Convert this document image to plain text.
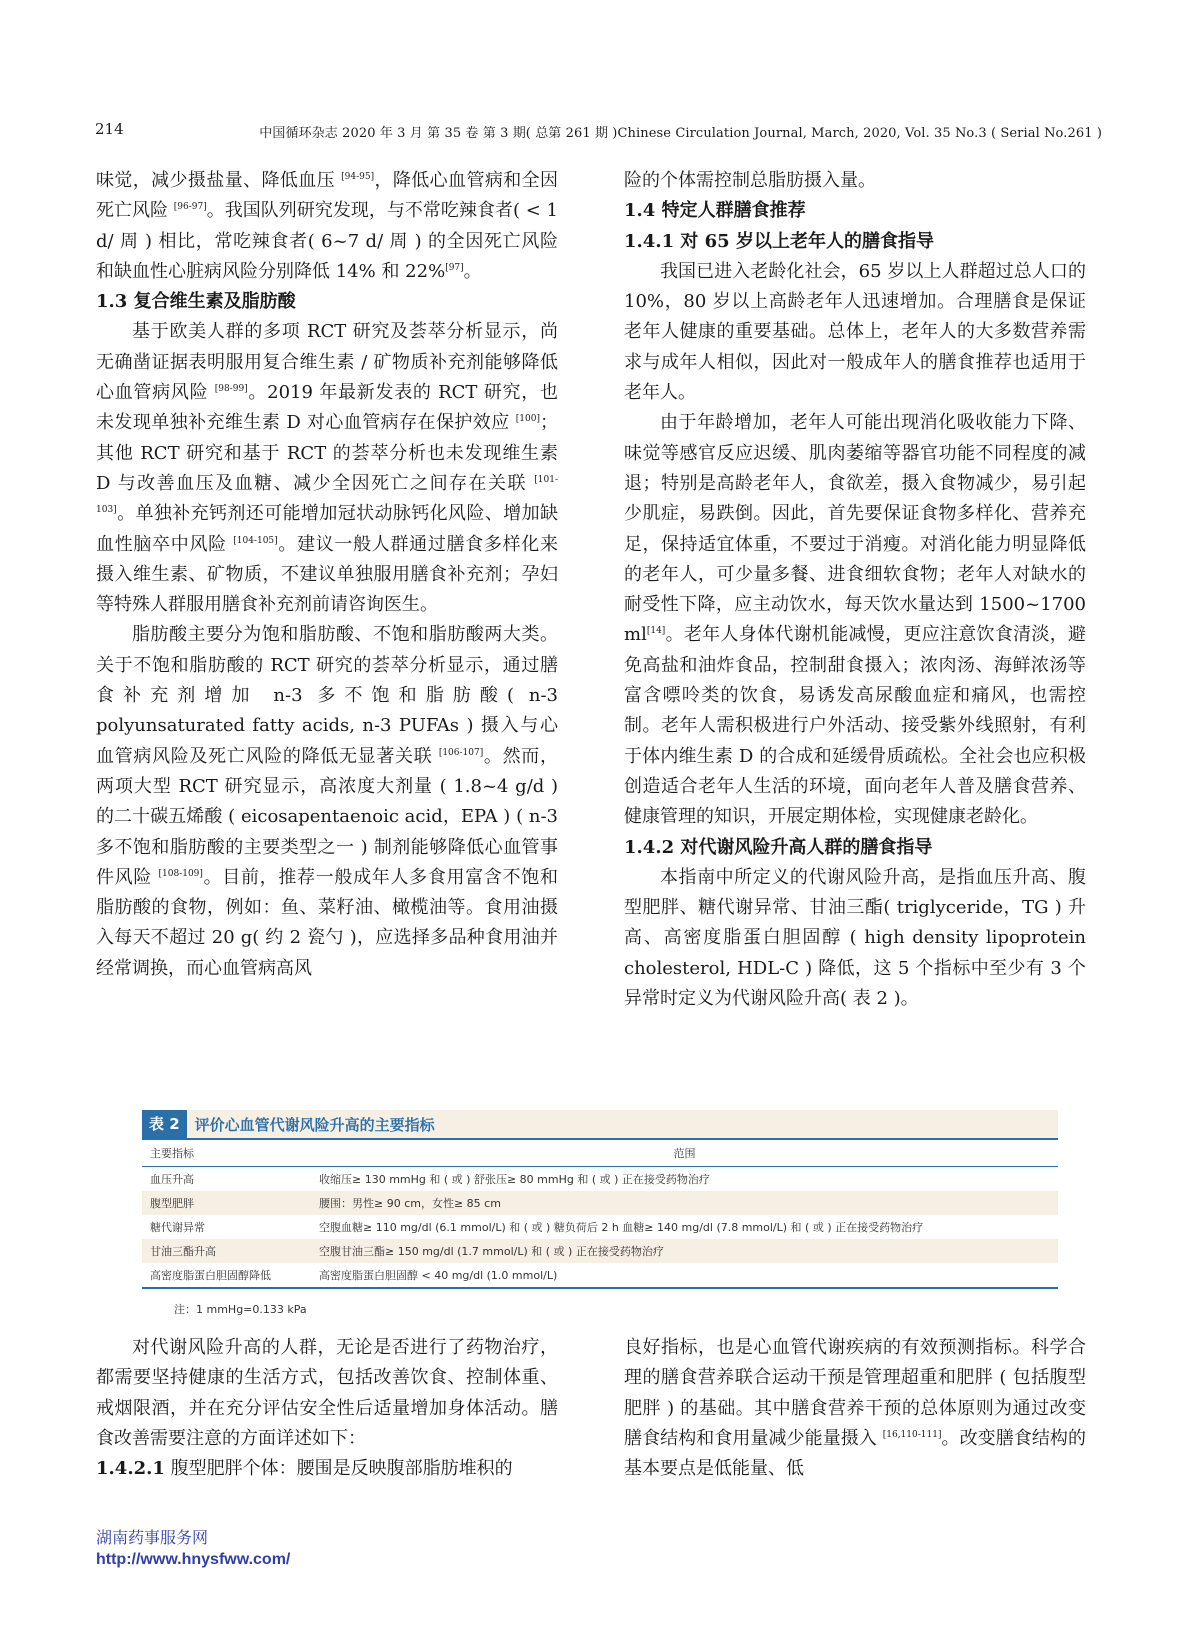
214	中国循环杂志 2020 年 3 月 第 35 卷 第 3 期( 总第 261 期 )Chinese Circulation Journal, March, 2020, Vol. 35 No.3 ( Serial No.261 )

味觉，减少摄盐量、降低血压 [94-95]，降低心血管病和全因死亡风险 [96-97]。我国队列研究发现，与不常吃辣食者( < 1 d/ 周 ) 相比，常吃辣食者( 6~7 d/ 周 ) 的全因死亡风险和缺血性心脏病风险分别降低 14% 和 22%[97]。

1.3 复合维生素及脂肪酸

基于欧美人群的多项 RCT 研究及荟萃分析显示，尚无确凿证据表明服用复合维生素 / 矿物质补充剂能够降低心血管病风险 [98-99]。2019 年最新发表的 RCT 研究，也未发现单独补充维生素 D 对心血管病存在保护效应 [100]；其他 RCT 研究和基于 RCT 的荟萃分析也未发现维生素 D 与改善血压及血糖、减少全因死亡之间存在关联 [101-103]。单独补充钙剂还可能增加冠状动脉钙化风险、增加缺血性脑卒中风险 [104-105]。建议一般人群通过膳食多样化来摄入维生素、矿物质，不建议单独服用膳食补充剂；孕妇等特殊人群服用膳食补充剂前请咨询医生。

脂肪酸主要分为饱和脂肪酸、不饱和脂肪酸两大类。关于不饱和脂肪酸的 RCT 研究的荟萃分析显示，通过膳食补充剂增加 n-3 多不饱和脂肪酸( n-3 polyunsaturated fatty acids, n-3 PUFAs ) 摄入与心血管病风险及死亡风险的降低无显著关联 [106-107]。然而，两项大型 RCT 研究显示，高浓度大剂量 ( 1.8~4 g/d ) 的二十碳五烯酸 ( eicosapentaenoic acid，EPA ) ( n-3 多不饱和脂肪酸的主要类型之一 ) 制剂能够降低心血管事件风险 [108-109]。目前，推荐一般成年人多食用富含不饱和脂肪酸的食物，例如：鱼、菜籽油、橄榄油等。食用油摄入每天不超过 20 g( 约 2 瓷勺 )，应选择多品种食用油并经常调换，而心血管病高风

险的个体需控制总脂肪摄入量。

1.4 特定人群膳食推荐
1.4.1 对 65 岁以上老年人的膳食指导

我国已进入老龄化社会，65 岁以上人群超过总人口的 10%，80 岁以上高龄老年人迅速增加。合理膳食是保证老年人健康的重要基础。总体上，老年人的大多数营养需求与成年人相似，因此对一般成年人的膳食推荐也适用于老年人。

由于年龄增加，老年人可能出现消化吸收能力下降、味觉等感官反应迟缓、肌肉萎缩等器官功能不同程度的减退；特别是高龄老年人，食欲差，摄入食物减少，易引起少肌症，易跌倒。因此，首先要保证食物多样化、营养充足，保持适宜体重，不要过于消瘦。对消化能力明显降低的老年人，可少量多餐、进食细软食物；老年人对缺水的耐受性下降，应主动饮水，每天饮水量达到 1500~1700 ml[14]。老年人身体代谢机能减慢，更应注意饮食清淡，避免高盐和油炸食品，控制甜食摄入；浓肉汤、海鲜浓汤等富含嘌呤类的饮食，易诱发高尿酸血症和痛风，也需控制。老年人需积极进行户外活动、接受紫外线照射，有利于体内维生素 D 的合成和延缓骨质疏松。全社会也应积极创造适合老年人生活的环境，面向老年人普及膳食营养、健康管理的知识，开展定期体检，实现健康老龄化。

1.4.2 对代谢风险升高人群的膳食指导

本指南中所定义的代谢风险升高，是指血压升高、腹型肥胖、糖代谢异常、甘油三酯( triglyceride，TG ) 升高、高密度脂蛋白胆固醇 ( high density lipoprotein cholesterol, HDL-C ) 降低，这 5 个指标中至少有 3 个异常时定义为代谢风险升高( 表 2 )。

表 2	评价心血管代谢风险升高的主要指标
主要指标	范围
血压升高	收缩压≥ 130 mmHg 和 ( 或 ) 舒张压≥ 80 mmHg 和 ( 或 ) 正在接受药物治疗
腹型肥胖	腰围：男性≥ 90 cm，女性≥ 85 cm
糖代谢异常	空腹血糖≥ 110 mg/dl (6.1 mmol/L) 和 ( 或 ) 糖负荷后 2 h 血糖≥ 140 mg/dl (7.8 mmol/L) 和 ( 或 ) 正在接受药物治疗
甘油三酯升高	空腹甘油三酯≥ 150 mg/dl (1.7 mmol/L) 和 ( 或 ) 正在接受药物治疗
高密度脂蛋白胆固醇降低	高密度脂蛋白胆固醇 < 40 mg/dl (1.0 mmol/L)
注：1 mmHg=0.133 kPa

对代谢风险升高的人群，无论是否进行了药物治疗，都需要坚持健康的生活方式，包括改善饮食、控制体重、戒烟限酒，并在充分评估安全性后适量增加身体活动。膳食改善需要注意的方面详述如下：

1.4.2.1 腹型肥胖个体：腰围是反映腹部脂肪堆积的

良好指标，也是心血管代谢疾病的有效预测指标。科学合理的膳食营养联合运动干预是管理超重和肥胖 ( 包括腹型肥胖 ) 的基础。其中膳食营养干预的总体原则为通过改变膳食结构和食用量减少能量摄入 [16,110-111]。改变膳食结构的基本要点是低能量、低

湖南药事服务网
http://www.hnysfww.com/
